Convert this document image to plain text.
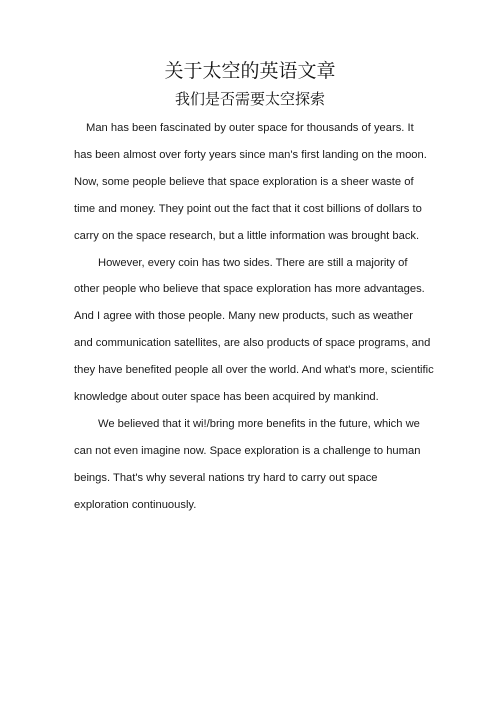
关于太空的英语文章
我们是否需要太空探索

Man has been fascinated by outer space for thousands of years. It has been almost over forty years since man's first landing on the moon. Now, some people believe that space exploration is a sheer waste of time and money. They point out the fact that it cost billions of dollars to carry on the space research, but a little information was brought back.

However, every coin has two sides. There are still a majority of other people who believe that space exploration has more advantages. And I agree with those people. Many new products, such as weather and communication satellites, are also products of space programs, and they have benefited people all over the world. And what's more, scientific knowledge about outer space has been acquired by mankind.

We believed that it wi!/bring more benefits in the future, which we can not even imagine now. Space exploration is a challenge to human beings. That's why several nations try hard to carry out space exploration continuously.
